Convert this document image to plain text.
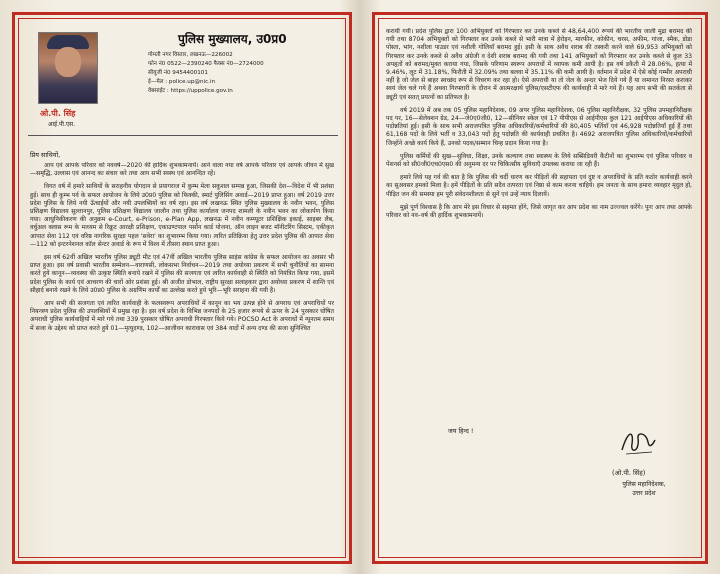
ओ.पी. सिंह
आई.पी.एस.
पुलिस मुख्यालय, उ0प्र0
गोमती नगर विस्तार, लखनऊ—226002
फोन नं0 0522—2390240 फैक्स नं0—2724000
सीयूजी नं0 9454400101
ई—मेल : police.up@nic.in
वेबसाईट : https://uppolice.gov.in
प्रिय साथियों,

आप एवं आपके परिवार को नववर्ष—2020 की हार्दिक शुभकामनायें। आने वाला नया वर्ष आपके परिवार एवं आपके जीवन में सुख—समृद्धि, उल्लास एवं आनन्द का संचार करे तथा आप सभी स्वस्थ एवं आनन्दित रहें।

विगत वर्ष में हमारे साथियों के सराहनीय योगदान से प्रयागराज में कुम्भ मेला सकुशल सम्पन्न हुआ, जिसकी देश—विदेश में भी प्रशंसा हुई। साथ ही कुम्भ पर्व के सफल आयोजन के लिये उ0प्र0 पुलिस को फिक्की, स्मार्ट पुलिसिंग अवार्ड—2019 प्राप्त हुआ। वर्ष 2019 उत्तर प्रदेश पुलिस के लिये नयी ऊँचाईयों और नयी उपलब्धियों का वर्ष रहा। इस वर्ष लखनऊ स्थित पुलिस मुख्यालय के नवीन भवन, पुलिस प्रशिक्षण विद्यालय सुल्तानपुर, पुलिस प्रशिक्षण विद्यालय जालौन तथा पुलिस कार्यालय जनपद शामली के नवीन भवन का लोकार्पण किया गया। आधुनिकीकरण की अनुक्रम e-Court, e-Prison, e-Plan App, लखनऊ में नवीन कम्प्यूटर प्रशिक्षिक इकाई, साइबर लैब, वर्चुअल क्लास रूम के माध्यम से रिक्रूट आरक्षी प्रशिक्षण, एकाउण्टपाल पर्सोन कार्ड योजना, ऑन लाइन बजट मॉनीटरिंग सिस्टम, एकीकृत आपात सेवा 112 एवं वरिष्ठ नागरिक सुरक्षा पहल 'सवेरा' का शुभारम्भ किया गया। त्वरित प्रतिक्रिया हेतु उत्तर प्रदेश पुलिस की आपात सेवा—112 को इन्टरनेशनल कॉल सेन्टर अवार्ड के रूप में विश्व में तीसरा स्थान प्राप्त हुआ।

इस वर्ष 62वीं अखिल भारतीय पुलिस ड्यूटी मीट एवं 47वीं अखिल भारतीय पुलिस साइंस कांग्रेस के सफल आयोजन का अवसर भी प्राप्त हुआ। इस वर्ष प्रवासी भारतीय सम्मेलन—वाराणसी, लोकसभा निर्वाचन—2019 तथा अयोध्या प्रकरण में सभी चुनौतियों का सामना करते हुये कानून—व्यवस्था की उत्कृष्ट स्थिति बनाये रखने में पुलिस की सजगता एवं त्वरित कार्यवाही से स्थिति को नियंत्रित किया गया, इसमें प्रदेश पुलिस के कार्य एवं आचरण की चारों ओर प्रशंसा हुई। श्री अजीत डोभाल, राष्ट्रीय सुरक्षा सलाहकार द्वारा अयोध्या प्रकरण में शान्ति एवं सौहार्द बनाये रखने के लिये उ0प्र0 पुलिस के अग्रणिम कार्यों का उल्लेख करते हुये भूरि—भूरि सराहना की गयी है।

आप सभी की सजगता एवं त्वरित कार्यवाही के फलस्वरूप अपराधियों में कानून का भय उत्पन्न होने से अपराध एवं अपराधियों पर नियन्त्रण प्रदेश पुलिस की उपलब्धियों में प्रमुख रहा है। इस वर्ष प्रदेश के विभिन्न जनपदों के 25 हजार रूपये से ऊपर के 24 पुरस्कार घोषित अपराधी पुलिस कार्यवाहियों में मारे गये तथा 339 पुरस्कार घोषित अपराधी गिरफ्तार किये गये। POCSO Act के अपराधों में न्यूनतम समय में सजा के उद्देश्य को प्राप्त करते हुये 01—मृत्युदण्ड, 102—आजीवन कारावास एवं 384 वादों में अन्य दण्ड की सजा सुनिश्चित

करायी गयी। प्रदेश पुलिस द्वारा 100 अभियुक्तों को गिरफ्तार कर उनके कब्जे से 48,64,400 रूपये की भारतीय जाली मुद्रा बरामद की गयी तथा 8704 अभियुक्तों को गिरफ्तार कर उनके कब्जे से भारी मात्रा में हेरोइन, मारफीन, कोकीन, चरस, अफीम, गांजा, स्मैक, डोडा पोस्ता, भांग, नशीला पाउडर एवं नशीली गोलियाँ बरामद हुई। इसी के साथ अवैध शराब की तस्करी करने वाले 69,953 अभियुक्तों को गिरफ्तार कर उनके कब्जे से अवैध अंग्रेजी व देशी शराब बरामद की गयी तथा 141 अभियुक्तों को गिरफ्तार कर उनके कब्जे से कुल 33 अपहृतों को बरामद/मुक्त कराया गया, जिसके परिणाम स्वरूप अपराधों में व्यापक कमी आयी है। इस वर्ष डकैती में 28.06%, हत्या में 9.46%, लूट में 31.18%, फिरौती में 32.09% तथा बलवा में 35.11% की कमी आयी है। वर्तमान में प्रदेश में ऐसे कोई गम्भीर अपराधी नहीं है जो जेल से बाहर स्वच्छंद रूप से विचरण कर रहा हो। ऐसे अपराधी या तो जेल के अन्दर भेज दिये गये हैं या जमानत निरस्त कराकर स्वयं जेल चले गये हैं अथवा गिरफ्तारी के दौरान में आत्मरक्षार्थ पुलिस/एसटीएफ की कार्यवाही में मारे गये हैं। यह आप सभी की सतर्कता से ड्यूटी एवं सतत् प्रयत्नों का प्रतिफल है।

वर्ष 2019 में अब तक 05 पुलिस महानिदेशक, 09 अपर पुलिस महानिदेशक, 06 पुलिस महानिरीक्षक, 32 पुलिस उपमहानिरीक्षक पद पर, 16—सेलेक्शन ग्रेड, 24—जे0ए0जी0, 12—सीनियर स्केल एवं 17 पीपीएस से आईपीएस कुल 121 आईपीएस अधिकारियों की पदोन्नतियां हुई। इसी के साथ सभी अराजपत्रित पुलिस अधिकारियों/कर्मचारियों की 80,405 भर्तियाँ एवं 46,928 पदोन्नतियाँ हुई हैं तथा 61,168 पदों के लिये भर्ती व 33,043 पदों हेतु पदोन्नति की कार्यवाही प्रचलित है। 4692 अराजपत्रित पुलिस अधिकारियों/कर्मचारियों जिन्होंने अच्छे कार्य किये हैं, उनको पदक/सम्मान चिन्ह प्रदान किया गया है।

पुलिस कर्मियों की सुख—सुविधा, शिक्षा, उनके कल्याण तथा स्वास्थ्य के लिये सब्सिडियरी कैंटीनों का शुभारम्भ एवं पुलिस परिवार व पेंशनर्स को सी0जी0एच0एस0 की अनुमन्य दर पर चिकित्सीय सुविधाएँ उपलब्ध कराया जा रही हैं।

हमारे लिये यह गर्व की बात है कि पुलिस की चर्दी धारण कर पीड़ितों की सहायता एवं दुष्ट व अपराधियों के प्रति कठोर कार्यवाही करने का सुअवसर हमको मिला है। हमें पीड़ितों के प्रति सदैव तत्परता एवं निष्ठा से काम करना चाहिये। हम जनता के साथ हमारा व्यवहार मृदुल हो, पीड़ित जन की समस्या हम पूरी संवेदनशीलता से सुनें एवं उन्हें न्याय दिलायें।

मुझे पूर्ण विश्वास है कि आप मेरे इस विचार से सहमत होंगे, जिसे जागृत कर आप प्रदेश का नाम उज्ज्वल करेंगे। पुनः आप तथा आपके परिवार को नव–वर्ष की हार्दिक शुभकामनायें।

जय हिन्द !
(ओ.पी. सिंह)
पुलिस महानिदेशक,
उत्तर प्रदेश
